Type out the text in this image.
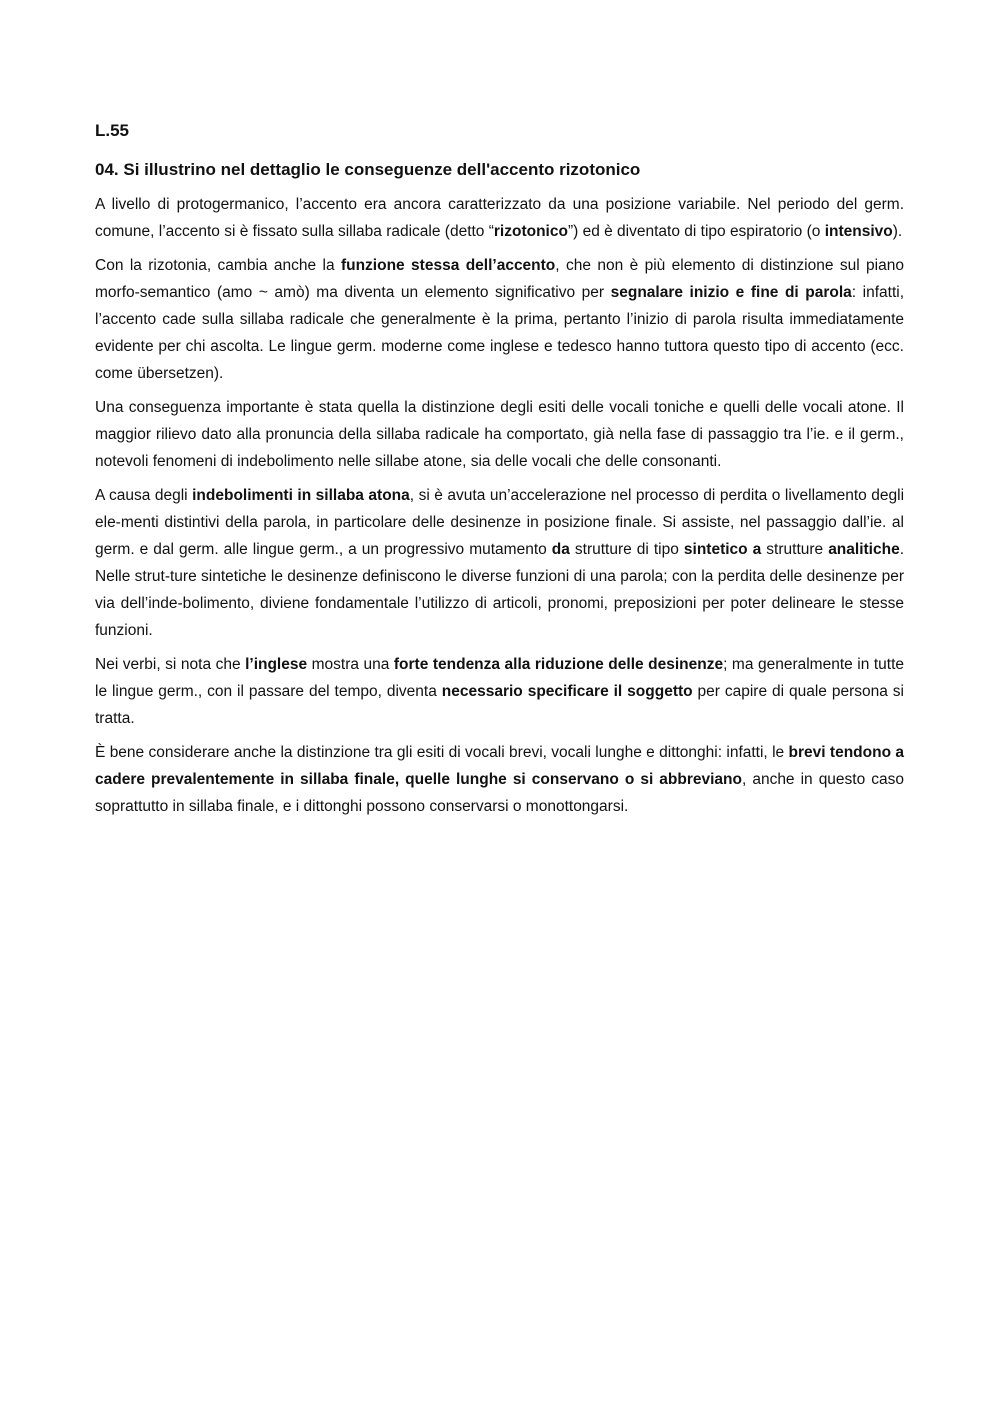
L.55
04. Si illustrino nel dettaglio le conseguenze dell'accento rizotonico

A livello di protogermanico, l’accento era ancora caratterizzato da una posizione variabile. Nel periodo del germ. comune, l’accento si è fissato sulla sillaba radicale (detto “rizotonico”) ed è diventato di tipo espiratorio (o intensivo).

Con la rizotonia, cambia anche la funzione stessa dell’accento, che non è più elemento di distinzione sul piano morfo-semantico (amo ~ amò) ma diventa un elemento significativo per segnalare inizio e fine di parola: infatti, l’accento cade sulla sillaba radicale che generalmente è la prima, pertanto l’inizio di parola risulta immediatamente evidente per chi ascolta. Le lingue germ. moderne come inglese e tedesco hanno tuttora questo tipo di accento (ecc. come übersetzen).

Una conseguenza importante è stata quella la distinzione degli esiti delle vocali toniche e quelli delle vocali atone. Il maggior rilievo dato alla pronuncia della sillaba radicale ha comportato, già nella fase di passaggio tra l’ie. e il germ., notevoli fenomeni di indebolimento nelle sillabe atone, sia delle vocali che delle consonanti.

A causa degli indebolimenti in sillaba atona, si è avuta un’accelerazione nel processo di perdita o livellamento degli ele-menti distintivi della parola, in particolare delle desinenze in posizione finale. Si assiste, nel passaggio dall’ie. al germ. e dal germ. alle lingue germ., a un progressivo mutamento da strutture di tipo sintetico a strutture analitiche. Nelle strut-ture sintetiche le desinenze definiscono le diverse funzioni di una parola; con la perdita delle desinenze per via dell’inde-bolimento, diviene fondamentale l’utilizzo di articoli, pronomi, preposizioni per poter delineare le stesse funzioni.

Nei verbi, si nota che l’inglese mostra una forte tendenza alla riduzione delle desinenze; ma generalmente in tutte le lingue germ., con il passare del tempo, diventa necessario specificare il soggetto per capire di quale persona si tratta.

È bene considerare anche la distinzione tra gli esiti di vocali brevi, vocali lunghe e dittonghi: infatti, le brevi tendono a cadere prevalentemente in sillaba finale, quelle lunghe si conservano o si abbreviano, anche in questo caso soprattutto in sillaba finale, e i dittonghi possono conservarsi o monottongarsi.
